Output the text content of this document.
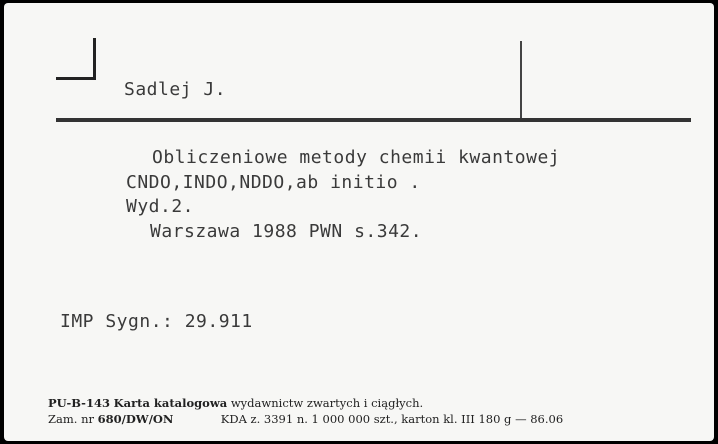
Sadlej J.
Obliczeniowe metody chemii kwantowej
CNDO,INDO,NDDO,ab initio .
Wyd.2.
Warszawa 1988 PWN s.342.
IMP Sygn.: 29.911
PU-B-143 Karta katalogowa wydawnictw zwartych i ciągłych.
Zam. nr 680/DW/ON	KDA z. 3391 n. 1 000 000 szt., karton kl. III 180 g — 86.06
